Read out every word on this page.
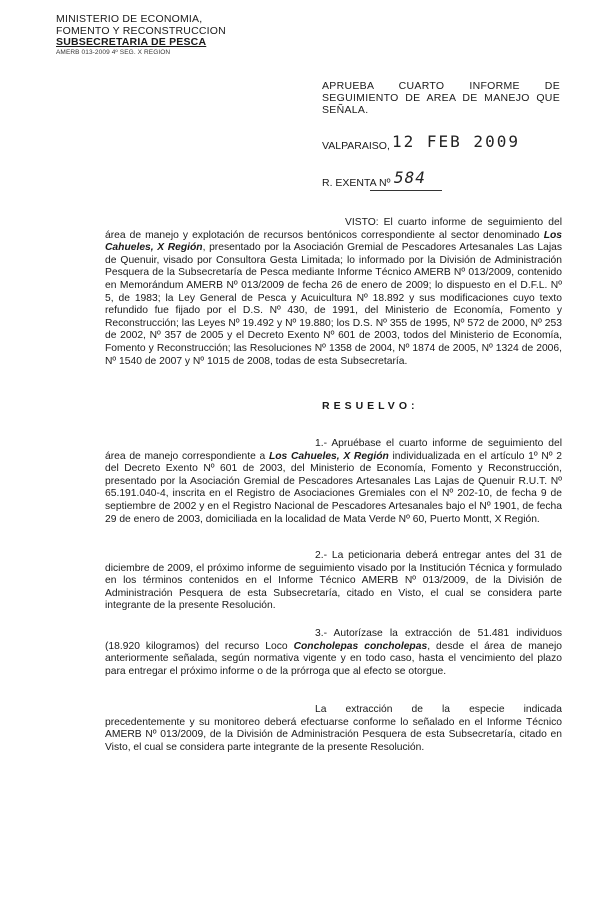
MINISTERIO DE ECONOMIA,
FOMENTO Y RECONSTRUCCION
SUBSECRETARIA DE PESCA
AMERB 013-2009 4º SEG. X REGION
APRUEBA CUARTO INFORME DE SEGUIMIENTO DE AREA DE MANEJO QUE SEÑALA.
VALPARAISO, 12 FEB 2009
R. EXENTA Nº 584
VISTO: El cuarto informe de seguimiento del área de manejo y explotación de recursos bentónicos correspondiente al sector denominado Los Cahueles, X Región, presentado por la Asociación Gremial de Pescadores Artesanales Las Lajas de Quenuir, visado por Consultora Gesta Limitada; lo informado por la División de Administración Pesquera de la Subsecretaría de Pesca mediante Informe Técnico AMERB Nº 013/2009, contenido en Memorándum AMERB Nº 013/2009 de fecha 26 de enero de 2009; lo dispuesto en el D.F.L. Nº 5, de 1983; la Ley General de Pesca y Acuicultura Nº 18.892 y sus modificaciones cuyo texto refundido fue fijado por el D.S. Nº 430, de 1991, del Ministerio de Economía, Fomento y Reconstrucción; las Leyes Nº 19.492 y Nº 19.880; los D.S. Nº 355 de 1995, Nº 572 de 2000, Nº 253 de 2002, Nº 357 de 2005 y el Decreto Exento Nº 601 de 2003, todos del Ministerio de Economía, Fomento y Reconstrucción; las Resoluciones Nº 1358 de 2004, Nº 1874 de 2005, Nº 1324 de 2006, Nº 1540 de 2007 y Nº 1015 de 2008, todas de esta Subsecretaría.
RESUELVO:
1.- Apruébase el cuarto informe de seguimiento del área de manejo correspondiente a Los Cahueles, X Región individualizada en el artículo 1º Nº 2 del Decreto Exento Nº 601 de 2003, del Ministerio de Economía, Fomento y Reconstrucción, presentado por la Asociación Gremial de Pescadores Artesanales Las Lajas de Quenuir R.U.T. Nº 65.191.040-4, inscrita en el Registro de Asociaciones Gremiales con el Nº 202-10, de fecha 9 de septiembre de 2002 y en el Registro Nacional de Pescadores Artesanales bajo el Nº 1901, de fecha 29 de enero de 2003, domiciliada en la localidad de Mata Verde Nº 60, Puerto Montt, X Región.
2.- La peticionaria deberá entregar antes del 31 de diciembre de 2009, el próximo informe de seguimiento visado por la Institución Técnica y formulado en los términos contenidos en el Informe Técnico AMERB Nº 013/2009, de la División de Administración Pesquera de esta Subsecretaría, citado en Visto, el cual se considera parte integrante de la presente Resolución.
3.- Autorízase la extracción de 51.481 individuos (18.920 kilogramos) del recurso Loco Concholepas concholepas, desde el área de manejo anteriormente señalada, según normativa vigente y en todo caso, hasta el vencimiento del plazo para entregar el próximo informe o de la prórroga que al efecto se otorgue.
La extracción de la especie indicada precedentemente y su monitoreo deberá efectuarse conforme lo señalado en el Informe Técnico AMERB Nº 013/2009, de la División de Administración Pesquera de esta Subsecretaría, citado en Visto, el cual se considera parte integrante de la presente Resolución.
